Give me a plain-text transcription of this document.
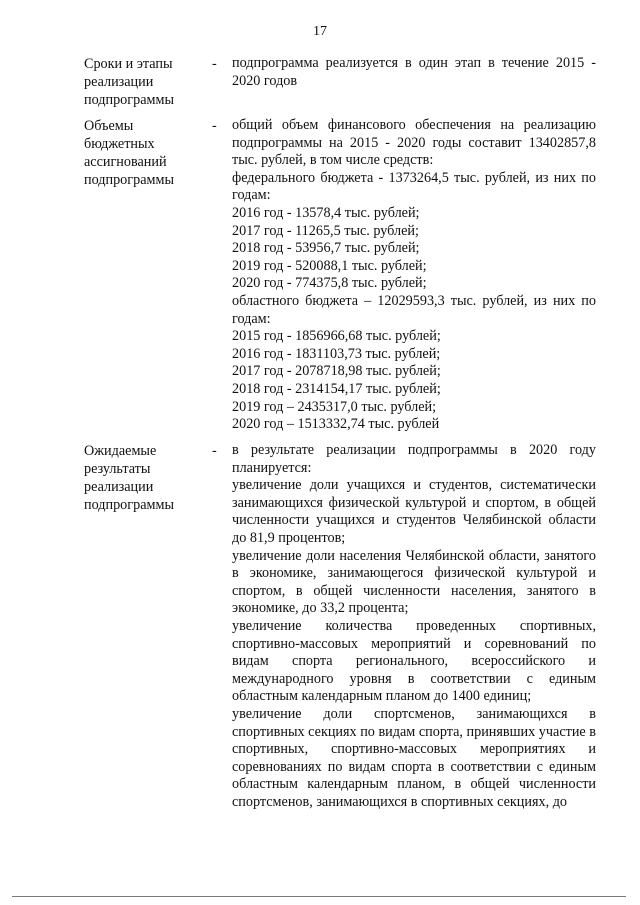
17
Сроки и этапы
реализации
подпрограммы
-	подпрограмма реализуется в один этап в течение 2015 - 2020 годов
Объемы
бюджетных
ассигнований
подпрограммы
-	общий объем финансового обеспечения на реализацию подпрограммы на 2015 - 2020 годы составит 13402857,8 тыс. рублей, в том числе средств:
федерального бюджета - 1373264,5 тыс. рублей, из них по годам:
2016 год - 13578,4 тыс. рублей;
2017 год - 11265,5 тыс. рублей;
2018 год - 53956,7 тыс. рублей;
2019 год - 520088,1 тыс. рублей;
2020 год - 774375,8 тыс. рублей;
областного бюджета – 12029593,3 тыс. рублей, из них по годам:
2015 год - 1856966,68 тыс. рублей;
2016 год - 1831103,73 тыс. рублей;
2017 год - 2078718,98 тыс. рублей;
2018 год - 2314154,17 тыс. рублей;
2019 год – 2435317,0 тыс. рублей;
2020 год – 1513332,74 тыс. рублей
Ожидаемые
результаты
реализации
подпрограммы
-	в результате реализации подпрограммы в 2020 году планируется:
увеличение доли учащихся и студентов, систематически занимающихся физической культурой и спортом, в общей численности учащихся и студентов Челябинской области до 81,9 процентов;
увеличение доли населения Челябинской области, занятого в экономике, занимающегося физической культурой и спортом, в общей численности населения, занятого в экономике, до 33,2 процента;
увеличение количества проведенных спортивных, спортивно-массовых мероприятий и соревнований по видам спорта регионального, всероссийского и международного уровня в соответствии с единым областным календарным планом до 1400 единиц;
увеличение доли спортсменов, занимающихся в спортивных секциях по видам спорта, принявших участие в спортивных, спортивно-массовых мероприятиях и соревнованиях по видам спорта в соответствии с единым областным календарным планом, в общей численности спортсменов, занимающихся в спортивных секциях, до
